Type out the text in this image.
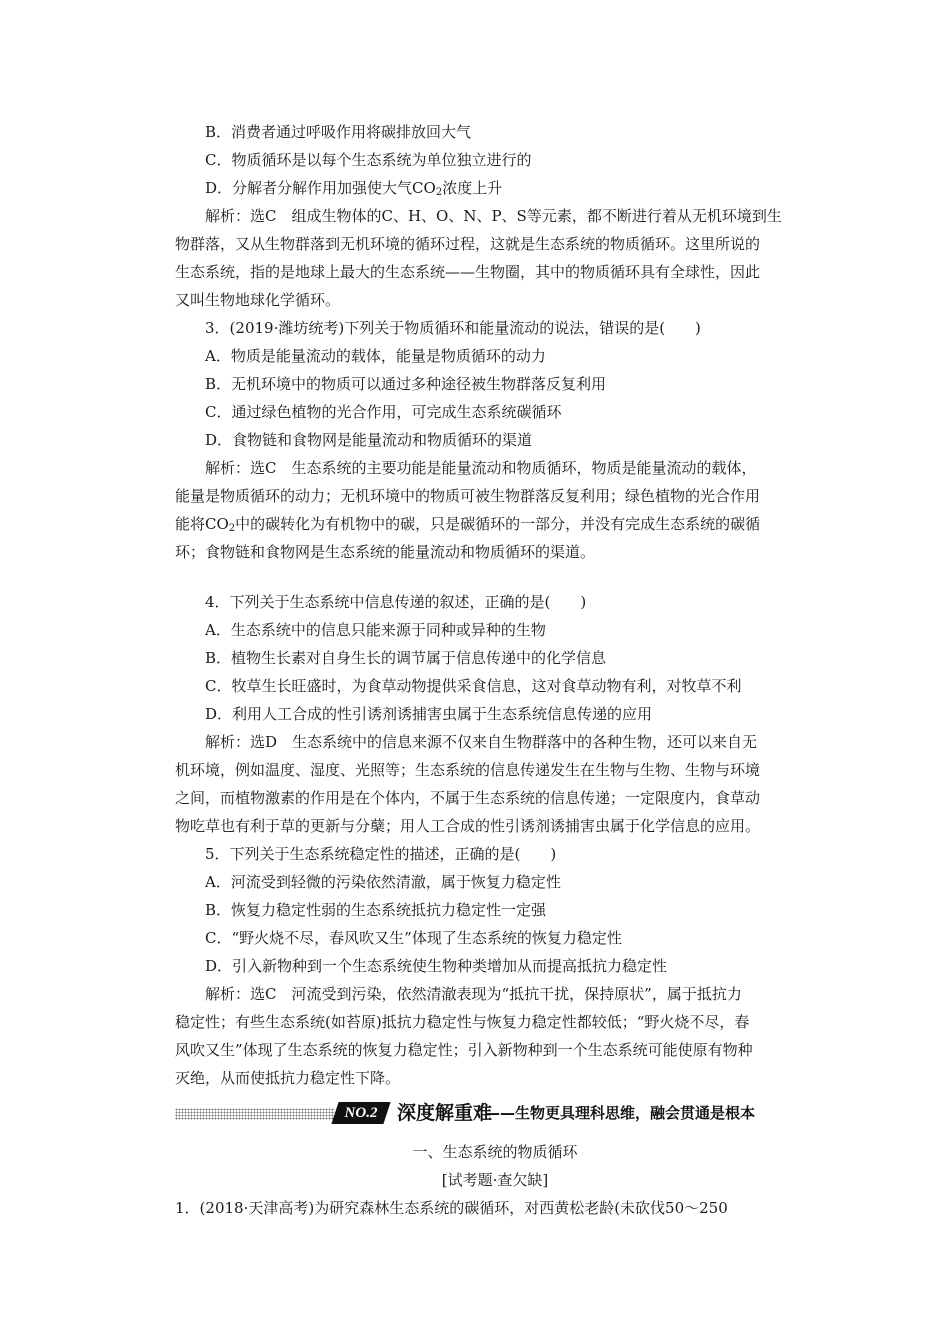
B．消费者通过呼吸作用将碳排放回大气
C．物质循环是以每个生态系统为单位独立进行的
D．分解者分解作用加强使大气$CO_2$浓度上升
解析：选C　组成生物体的C、H、O、N、P、S等元素，都不断进行着从无机环境到生
物群落，又从生物群落到无机环境的循环过程，这就是生态系统的物质循环。这里所说的
生态系统，指的是地球上最大的生态系统——生物圈，其中的物质循环具有全球性，因此
又叫生物地球化学循环。
3．(2019·潍坊统考)下列关于物质循环和能量流动的说法，错误的是(　　)
A．物质是能量流动的载体，能量是物质循环的动力
B．无机环境中的物质可以通过多种途径被生物群落反复利用
C．通过绿色植物的光合作用，可完成生态系统碳循环
D．食物链和食物网是能量流动和物质循环的渠道
解析：选C　生态系统的主要功能是能量流动和物质循环，物质是能量流动的载体，
能量是物质循环的动力；无机环境中的物质可被生物群落反复利用；绿色植物的光合作用
能将$CO_2$中的碳转化为有机物中的碳，只是碳循环的一部分，并没有完成生态系统的碳循
环；食物链和食物网是生态系统的能量流动和物质循环的渠道。
4．下列关于生态系统中信息传递的叙述，正确的是(　　)
A．生态系统中的信息只能来源于同种或异种的生物
B．植物生长素对自身生长的调节属于信息传递中的化学信息
C．牧草生长旺盛时，为食草动物提供采食信息，这对食草动物有利，对牧草不利
D．利用人工合成的性引诱剂诱捕害虫属于生态系统信息传递的应用
解析：选D　生态系统中的信息来源不仅来自生物群落中的各种生物，还可以来自无
机环境，例如温度、湿度、光照等；生态系统的信息传递发生在生物与生物、生物与环境
之间，而植物激素的作用是在个体内，不属于生态系统的信息传递；一定限度内，食草动
物吃草也有利于草的更新与分蘖；用人工合成的性引诱剂诱捕害虫属于化学信息的应用。
5．下列关于生态系统稳定性的描述，正确的是(　　)
A．河流受到轻微的污染依然清澈，属于恢复力稳定性
B．恢复力稳定性弱的生态系统抵抗力稳定性一定强
C．“野火烧不尽，春风吹又生”体现了生态系统的恢复力稳定性
D．引入新物种到一个生态系统使生物种类增加从而提高抵抗力稳定性
解析：选C　河流受到污染，依然清澈表现为“抵抗干扰，保持原状”，属于抵抗力
稳定性；有些生态系统(如苔原)抵抗力稳定性与恢复力稳定性都较低；“野火烧不尽，春
风吹又生”体现了生态系统的恢复力稳定性；引入新物种到一个生态系统可能使原有物种
灭绝，从而使抵抗力稳定性下降。
NO.2	深度解重难
——生物更具理科思维，融会贯通是根本
一、生态系统的物质循环
[试考题·查欠缺]
1．(2018·天津高考)为研究森林生态系统的碳循环，对西黄松老龄(未砍伐50～250
